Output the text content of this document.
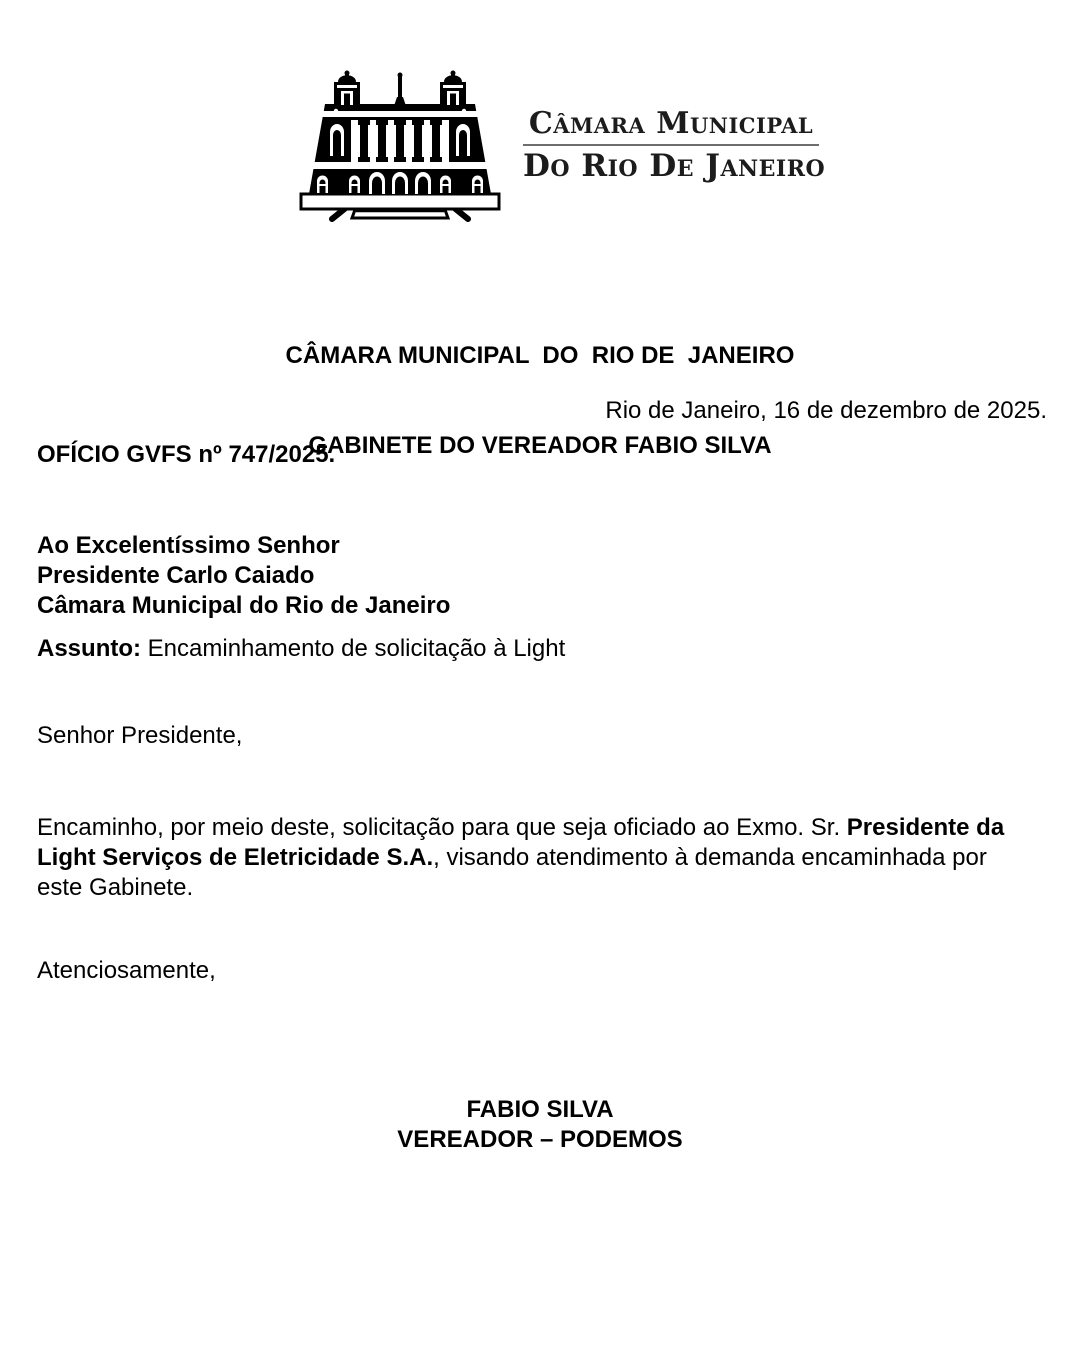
Câmara Municipal
Do Rio De Janeiro

CÂMARA MUNICIPAL  DO  RIO DE  JANEIRO

GABINETE DO VEREADOR FABIO SILVA

Rio de Janeiro, 16 de dezembro de 2025.
OFÍCIO GVFS nº 747/2025.
Ao Excelentíssimo Senhor
Presidente Carlo Caiado
Câmara Municipal do Rio de Janeiro
Assunto: Encaminhamento de solicitação à Light
Senhor Presidente,

Encaminho, por meio deste, solicitação para que seja oficiado ao Exmo. Sr. Presidente da Light Serviços de Eletricidade S.A., visando atendimento à demanda encaminhada por este Gabinete.

Atenciosamente,
FABIO SILVA
VEREADOR – PODEMOS
